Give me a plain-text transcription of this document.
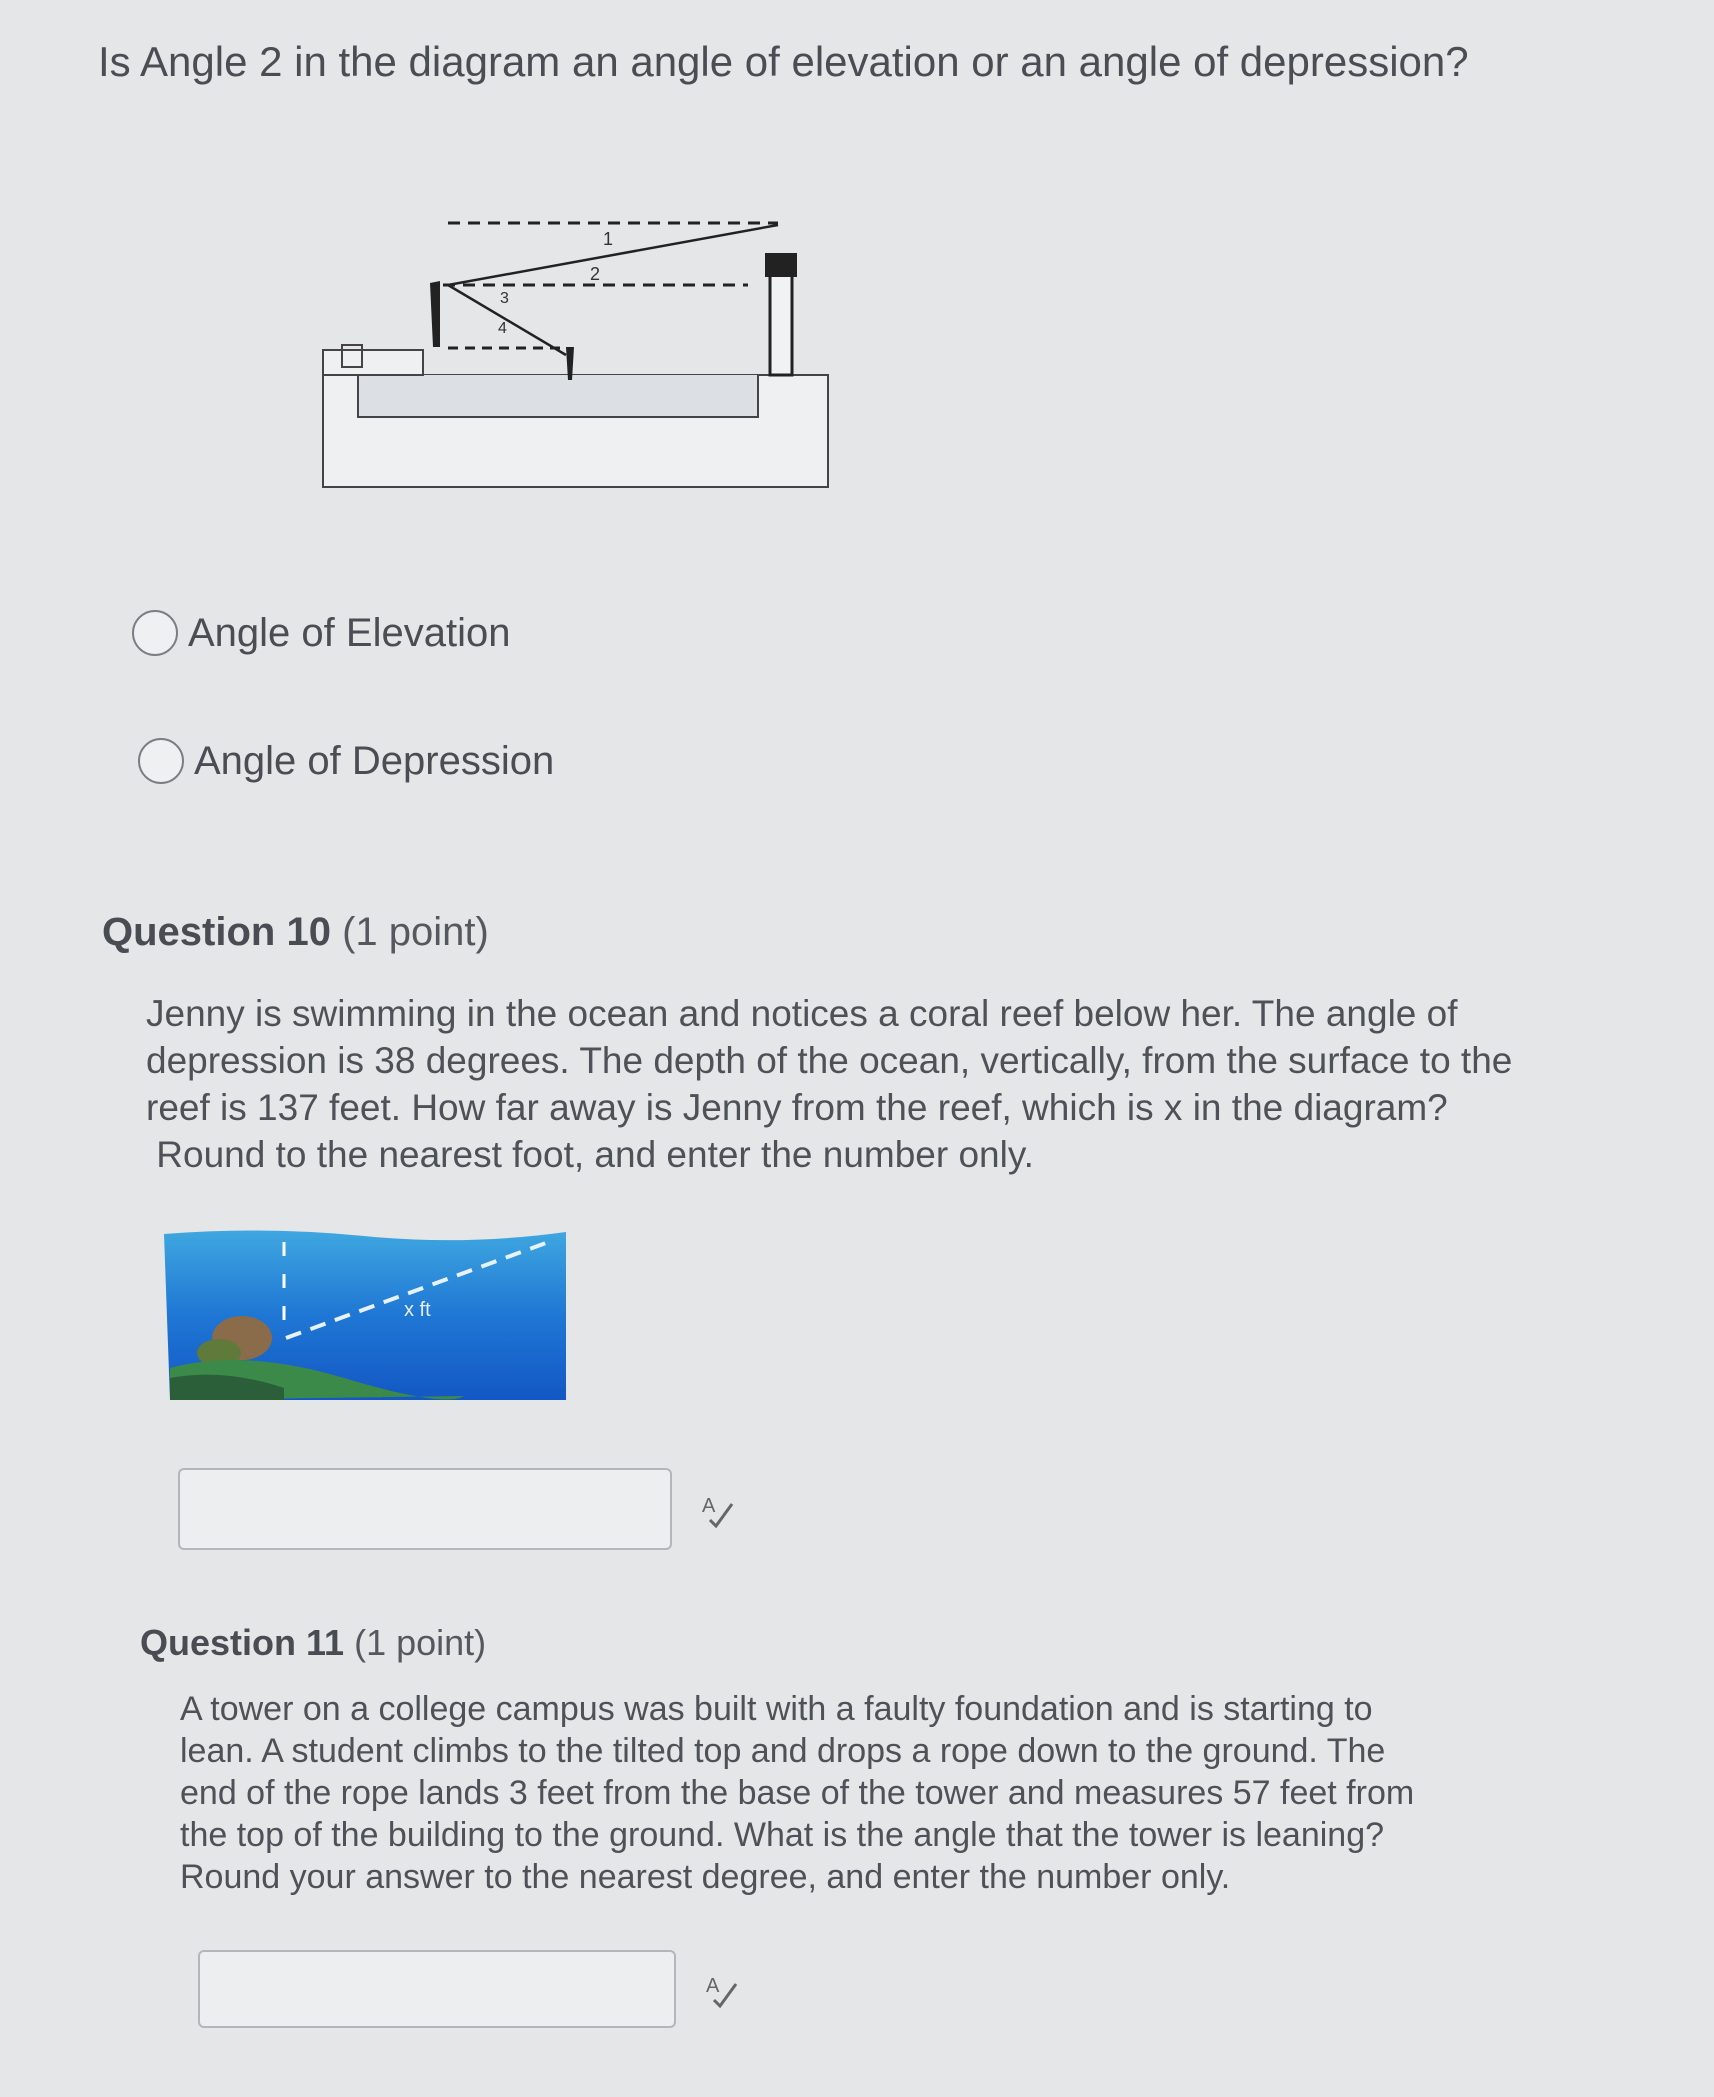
Is Angle 2 in the diagram an angle of elevation or an angle of depression?
1
2
3
4
Angle of Elevation
Angle of Depression
Question 10 (1 point)
Jenny is swimming in the ocean and notices a coral reef below her. The angle of
depression is 38 degrees. The depth of the ocean, vertically, from the surface to the
reef is 137 feet. How far away is Jenny from the reef, which is x in the diagram?
Round to the nearest foot, and enter the number only.
x ft
A
Question 11 (1 point)
A tower on a college campus was built with a faulty foundation and is starting to
lean. A student climbs to the tilted top and drops a rope down to the ground. The
end of the rope lands 3 feet from the base of the tower and measures 57 feet from
the top of the building to the ground. What is the angle that the tower is leaning?
Round your answer to the nearest degree, and enter the number only.
A
